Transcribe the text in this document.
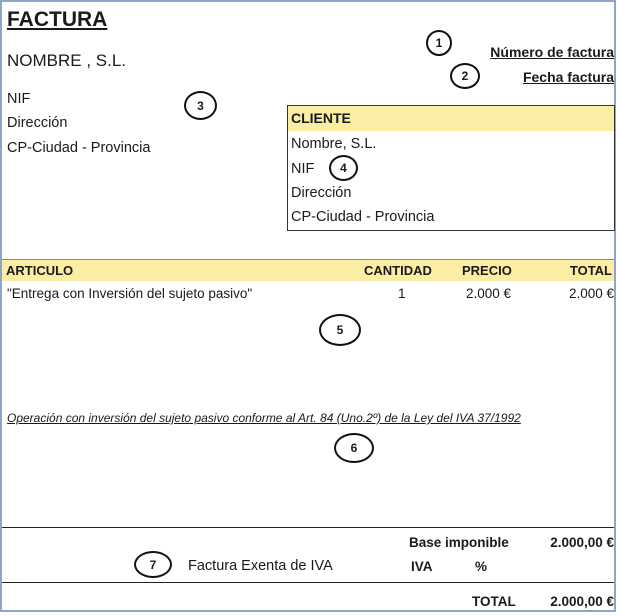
FACTURA
NOMBRE , S.L.	Número de factura
Fecha factura
1
2
NIF
Dirección
CP-Ciudad - Provincia
3
CLIENTE
Nombre, S.L.
NIF
Dirección
CP-Ciudad - Provincia
4
ARTICULO	CANTIDAD PRECIO	TOTAL
"Entrega con Inversión del sujeto pasivo"	1	2.000 €	2.000 €
5
Operación con inversión del sujeto pasivo conforme al Art. 84 (Uno.2º) de la Ley del IVA 37/1992
6
Base imponible	2.000,00 €
7	Factura Exenta de IVA	IVA	%
TOTAL	2.000,00 €
